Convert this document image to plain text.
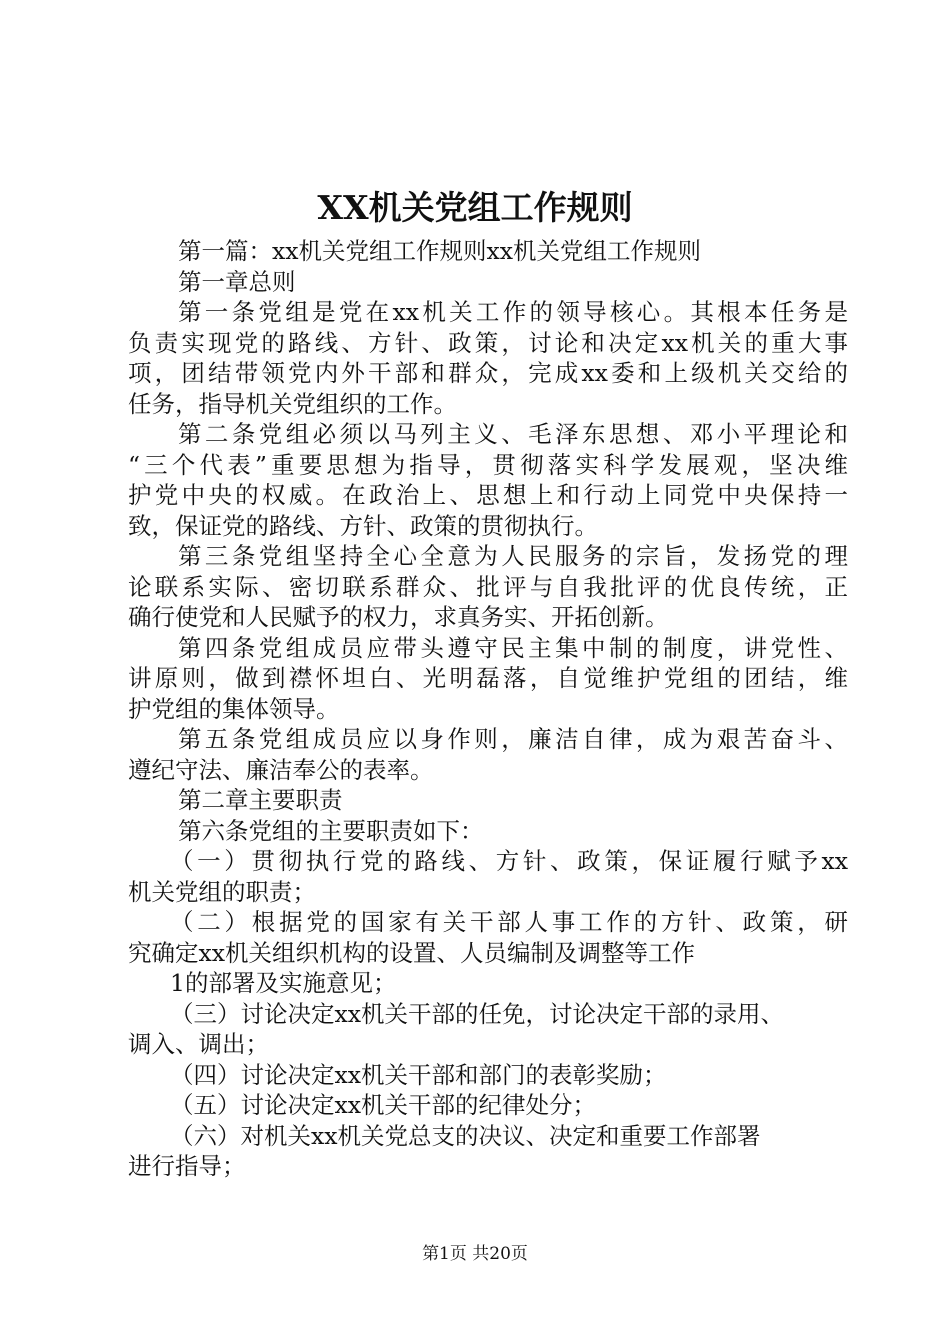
XX机关党组工作规则
第一篇：xx机关党组工作规则xx机关党组工作规则
第一章总则
第一条党组是党在xx机关工作的领导核心。其根本任务是
负责实现党的路线、方针、政策，讨论和决定xx机关的重大事
项，团结带领党内外干部和群众，完成xx委和上级机关交给的
任务，指导机关党组织的工作。
第二条党组必须以马列主义、毛泽东思想、邓小平理论和
“三个代表”重要思想为指导，贯彻落实科学发展观，坚决维
护党中央的权威。在政治上、思想上和行动上同党中央保持一
致，保证党的路线、方针、政策的贯彻执行。
第三条党组坚持全心全意为人民服务的宗旨，发扬党的理
论联系实际、密切联系群众、批评与自我批评的优良传统，正
确行使党和人民赋予的权力，求真务实、开拓创新。
第四条党组成员应带头遵守民主集中制的制度，讲党性、
讲原则，做到襟怀坦白、光明磊落，自觉维护党组的团结，维
护党组的集体领导。
第五条党组成员应以身作则，廉洁自律，成为艰苦奋斗、
遵纪守法、廉洁奉公的表率。
第二章主要职责
第六条党组的主要职责如下：
（一）贯彻执行党的路线、方针、政策，保证履行赋予xx
机关党组的职责；
（二）根据党的国家有关干部人事工作的方针、政策，研
究确定xx机关组织机构的设置、人员编制及调整等工作
1的部署及实施意见；
（三）讨论决定xx机关干部的任免，讨论决定干部的录用、
调入、调出；
（四）讨论决定xx机关干部和部门的表彰奖励；
（五）讨论决定xx机关干部的纪律处分；
（六）对机关xx机关党总支的决议、决定和重要工作部署
进行指导；
第1页 共20页
